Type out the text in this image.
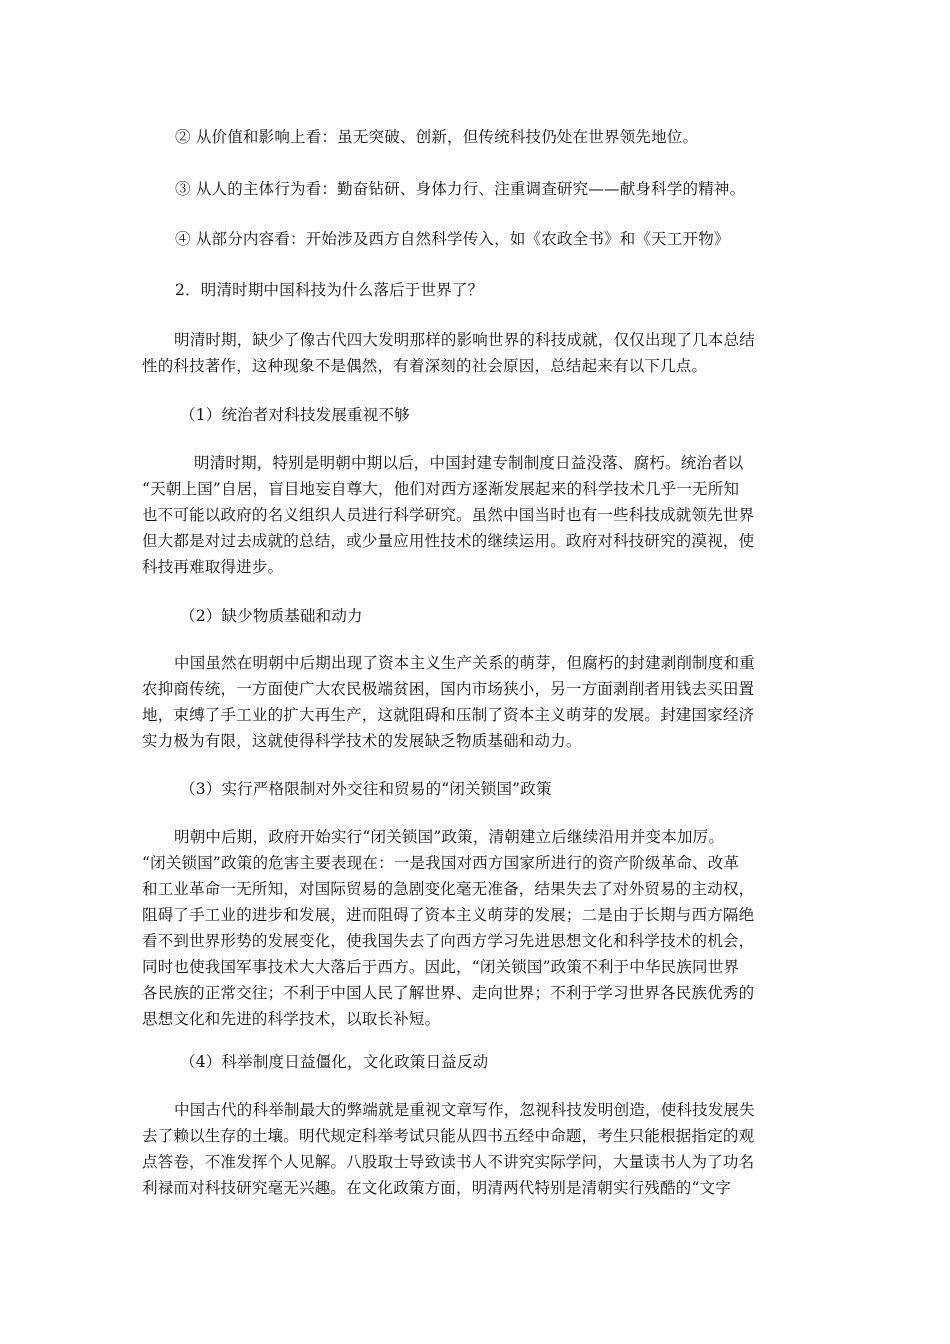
② 从价值和影响上看：虽无突破、创新，但传统科技仍处在世界领先地位。
③ 从人的主体行为看：勤奋钻研、身体力行、注重调查研究——献身科学的精神。
④ 从部分内容看：开始涉及西方自然科学传入，如《农政全书》和《天工开物》
2．明清时期中国科技为什么落后于世界了？
明清时期，缺少了像古代四大发明那样的影响世界的科技成就，仅仅出现了几本总结
性的科技著作，这种现象不是偶然，有着深刻的社会原因，总结起来有以下几点。
（1）统治者对科技发展重视不够
明清时期，特别是明朝中期以后，中国封建专制制度日益没落、腐朽。统治者以
“天朝上国”自居，盲目地妄自尊大，他们对西方逐渐发展起来的科学技术几乎一无所知
也不可能以政府的名义组织人员进行科学研究。虽然中国当时也有一些科技成就领先世界
但大都是对过去成就的总结，或少量应用性技术的继续运用。政府对科技研究的漠视，使
科技再难取得进步。
（2）缺少物质基础和动力
中国虽然在明朝中后期出现了资本主义生产关系的萌芽，但腐朽的封建剥削制度和重
农抑商传统，一方面使广大农民极端贫困，国内市场狭小，另一方面剥削者用钱去买田置
地，束缚了手工业的扩大再生产，这就阻碍和压制了资本主义萌芽的发展。封建国家经济
实力极为有限，这就使得科学技术的发展缺乏物质基础和动力。
（3）实行严格限制对外交往和贸易的“闭关锁国”政策
明朝中后期，政府开始实行“闭关锁国”政策，清朝建立后继续沿用并变本加厉。
“闭关锁国”政策的危害主要表现在：一是我国对西方国家所进行的资产阶级革命、改革
和工业革命一无所知，对国际贸易的急剧变化毫无准备，结果失去了对外贸易的主动权，
阻碍了手工业的进步和发展，进而阻碍了资本主义萌芽的发展；二是由于长期与西方隔绝
看不到世界形势的发展变化，使我国失去了向西方学习先进思想文化和科学技术的机会，
同时也使我国军事技术大大落后于西方。因此，“闭关锁国”政策不利于中华民族同世界
各民族的正常交往；不利于中国人民了解世界、走向世界；不利于学习世界各民族优秀的
思想文化和先进的科学技术，以取长补短。
（4）科举制度日益僵化，文化政策日益反动
中国古代的科举制最大的弊端就是重视文章写作，忽视科技发明创造，使科技发展失
去了赖以生存的土壤。明代规定科举考试只能从四书五经中命题，考生只能根据指定的观
点答卷，不准发挥个人见解。八股取士导致读书人不讲究实际学问，大量读书人为了功名
利禄而对科技研究毫无兴趣。在文化政策方面，明清两代特别是清朝实行残酷的“文字
